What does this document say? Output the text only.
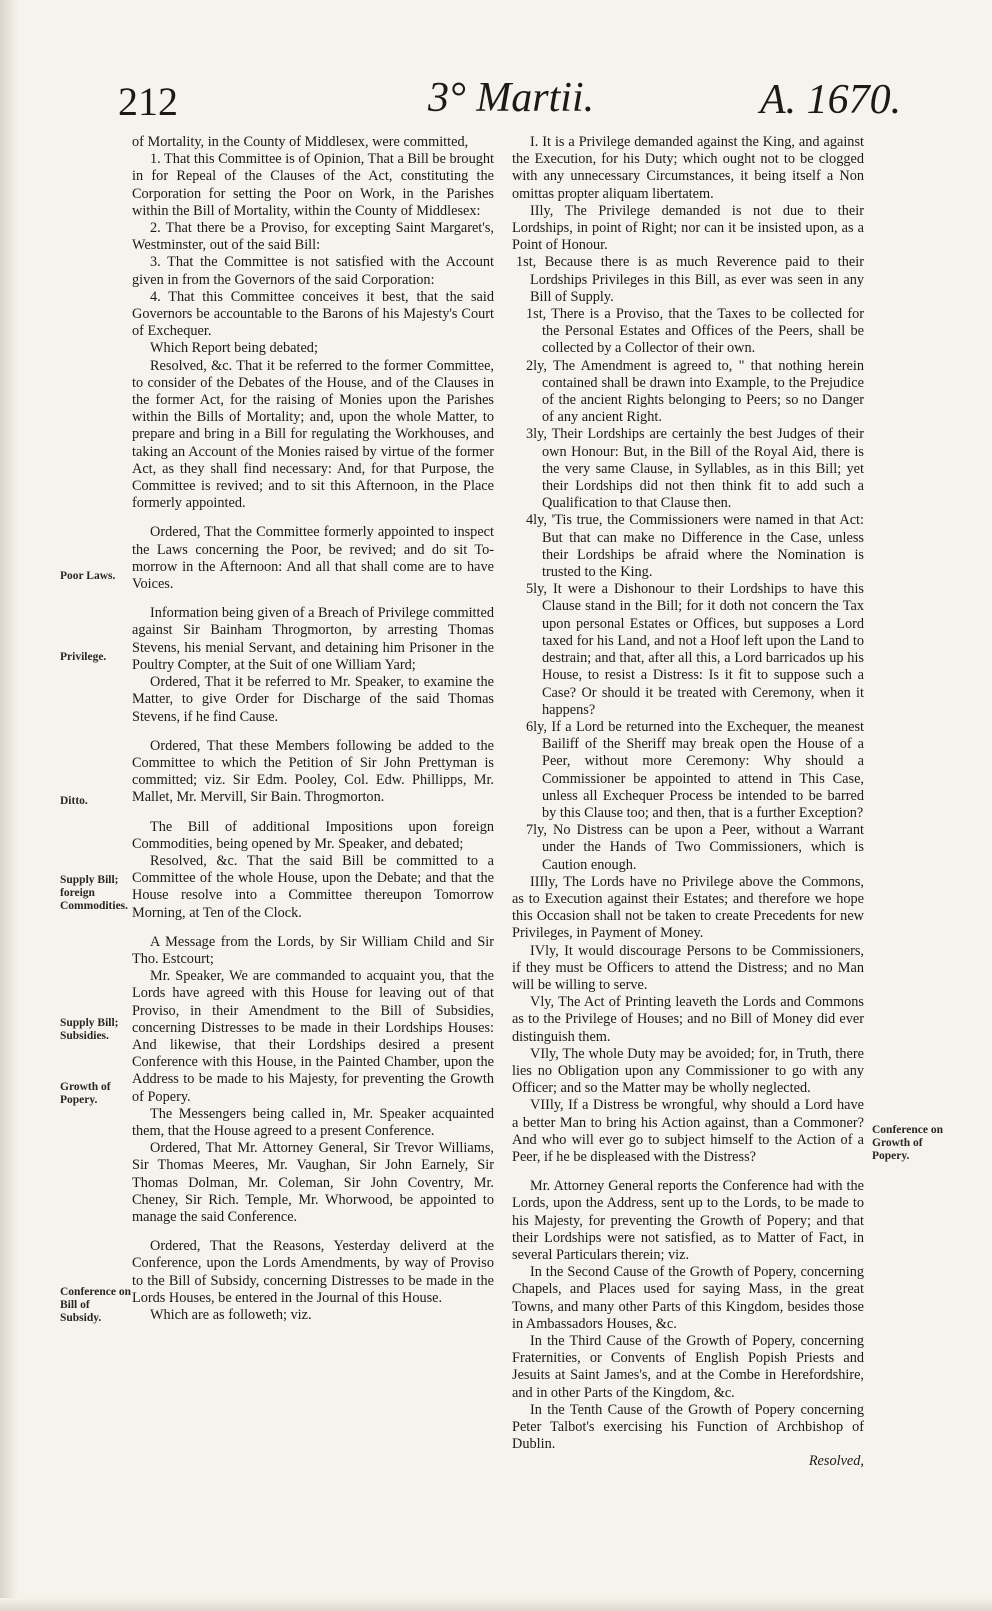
212	3° Martii.	A. 1670.
Poor Laws.
Privilege.
Ditto.
Supply Bill; foreign Commodities.
Supply Bill; Subsidies.
Growth of Popery.
Conference on Bill of Subsidy.
Conference on Growth of Popery.

of Mortality, in the County of Middlesex, were committed,

1. That this Committee is of Opinion, That a Bill be brought in for Repeal of the Clauses of the Act, constituting the Corporation for setting the Poor on Work, in the Parishes within the Bill of Mortality, within the County of Middlesex:

2. That there be a Proviso, for excepting Saint Margaret's, Westminster, out of the said Bill:

3. That the Committee is not satisfied with the Account given in from the Governors of the said Corporation:

4. That this Committee conceives it best, that the said Governors be accountable to the Barons of his Majesty's Court of Exchequer.

Which Report being debated;

Resolved, &c. That it be referred to the former Committee, to consider of the Debates of the House, and of the Clauses in the former Act, for the raising of Monies upon the Parishes within the Bills of Mortality; and, upon the whole Matter, to prepare and bring in a Bill for regulating the Workhouses, and taking an Account of the Monies raised by virtue of the former Act, as they shall find necessary: And, for that Purpose, the Committee is revived; and to sit this Afternoon, in the Place formerly appointed.

Ordered, That the Committee formerly appointed to inspect the Laws concerning the Poor, be revived; and do sit To-morrow in the Afternoon: And all that shall come are to have Voices.

Information being given of a Breach of Privilege committed against Sir Bainham Throgmorton, by arresting Thomas Stevens, his menial Servant, and detaining him Prisoner in the Poultry Compter, at the Suit of one William Yard;

Ordered, That it be referred to Mr. Speaker, to examine the Matter, to give Order for Discharge of the said Thomas Stevens, if he find Cause.

Ordered, That these Members following be added to the Committee to which the Petition of Sir John Prettyman is committed; viz. Sir Edm. Pooley, Col. Edw. Phillipps, Mr. Mallet, Mr. Mervill, Sir Bain. Throgmorton.

The Bill of additional Impositions upon foreign Commodities, being opened by Mr. Speaker, and debated;

Resolved, &c. That the said Bill be committed to a Committee of the whole House, upon the Debate; and that the House resolve into a Committee thereupon Tomorrow Morning, at Ten of the Clock.

A Message from the Lords, by Sir William Child and Sir Tho. Estcourt;

Mr. Speaker, We are commanded to acquaint you, that the Lords have agreed with this House for leaving out of that Proviso, in their Amendment to the Bill of Subsidies, concerning Distresses to be made in their Lordships Houses: And likewise, that their Lordships desired a present Conference with this House, in the Painted Chamber, upon the Address to be made to his Majesty, for preventing the Growth of Popery.

The Messengers being called in, Mr. Speaker acquainted them, that the House agreed to a present Conference.

Ordered, That Mr. Attorney General, Sir Trevor Williams, Sir Thomas Meeres, Mr. Vaughan, Sir John Earnely, Sir Thomas Dolman, Mr. Coleman, Sir John Coventry, Mr. Cheney, Sir Rich. Temple, Mr. Whorwood, be appointed to manage the said Conference.

Ordered, That the Reasons, Yesterday deliverd at the Conference, upon the Lords Amendments, by way of Proviso to the Bill of Subsidy, concerning Distresses to be made in the Lords Houses, be entered in the Journal of this House.

Which are as followeth; viz.

I. It is a Privilege demanded against the King, and against the Execution, for his Duty; which ought not to be clogged with any unnecessary Circumstances, it being itself a Non omittas propter aliquam libertatem.

IIly, The Privilege demanded is not due to their Lordships, in point of Right; nor can it be insisted upon, as a Point of Honour.

1st, Because there is as much Reverence paid to their Lordships Privileges in this Bill, as ever was seen in any Bill of Supply.

1st, There is a Proviso, that the Taxes to be collected for the Personal Estates and Offices of the Peers, shall be collected by a Collector of their own.

2ly, The Amendment is agreed to, " that nothing herein contained shall be drawn into Example, to the Prejudice of the ancient Rights belonging to Peers; so no Danger of any ancient Right.

3ly, Their Lordships are certainly the best Judges of their own Honour: But, in the Bill of the Royal Aid, there is the very same Clause, in Syllables, as in this Bill; yet their Lordships did not then think fit to add such a Qualification to that Clause then.

4ly, 'Tis true, the Commissioners were named in that Act: But that can make no Difference in the Case, unless their Lordships be afraid where the Nomination is trusted to the King.

5ly, It were a Dishonour to their Lordships to have this Clause stand in the Bill; for it doth not concern the Tax upon personal Estates or Offices, but supposes a Lord taxed for his Land, and not a Hoof left upon the Land to destrain; and that, after all this, a Lord barricados up his House, to resist a Distress: Is it fit to suppose such a Case? Or should it be treated with Ceremony, when it happens?

6ly, If a Lord be returned into the Exchequer, the meanest Bailiff of the Sheriff may break open the House of a Peer, without more Ceremony: Why should a Commissioner be appointed to attend in This Case, unless all Exchequer Process be intended to be barred by this Clause too; and then, that is a further Exception?

7ly, No Distress can be upon a Peer, without a Warrant under the Hands of Two Commissioners, which is Caution enough.

IIIly, The Lords have no Privilege above the Commons, as to Execution against their Estates; and therefore we hope this Occasion shall not be taken to create Precedents for new Privileges, in Payment of Money.

IVly, It would discourage Persons to be Commissioners, if they must be Officers to attend the Distress; and no Man will be willing to serve.

Vly, The Act of Printing leaveth the Lords and Commons as to the Privilege of Houses; and no Bill of Money did ever distinguish them.

VIly, The whole Duty may be avoided; for, in Truth, there lies no Obligation upon any Commissioner to go with any Officer; and so the Matter may be wholly neglected.

VIIly, If a Distress be wrongful, why should a Lord have a better Man to bring his Action against, than a Commoner? And who will ever go to subject himself to the Action of a Peer, if he be displeased with the Distress?

Mr. Attorney General reports the Conference had with the Lords, upon the Address, sent up to the Lords, to be made to his Majesty, for preventing the Growth of Popery; and that their Lordships were not satisfied, as to Matter of Fact, in several Particulars therein; viz.

In the Second Cause of the Growth of Popery, concerning Chapels, and Places used for saying Mass, in the great Towns, and many other Parts of this Kingdom, besides those in Ambassadors Houses, &c.

In the Third Cause of the Growth of Popery, concerning Fraternities, or Convents of English Popish Priests and Jesuits at Saint James's, and at the Combe in Herefordshire, and in other Parts of the Kingdom, &c.

In the Tenth Cause of the Growth of Popery concerning Peter Talbot's exercising his Function of Archbishop of Dublin.

Resolved,
